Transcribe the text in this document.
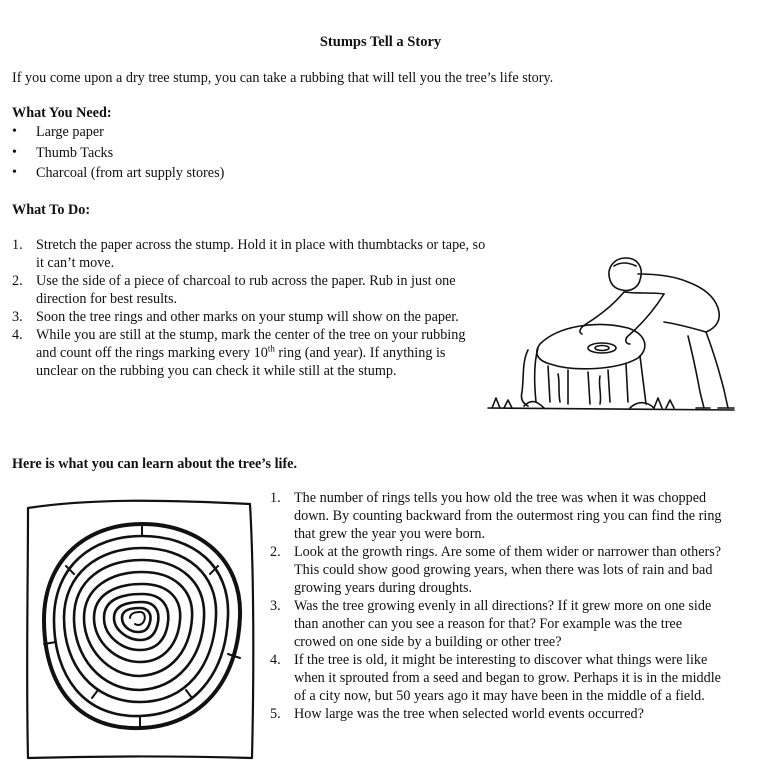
Stumps Tell a Story

If you come upon a dry tree stump, you can take a rubbing that will tell you the tree’s life story.

What You Need:

• Large paper
• Thumb Tacks
• Charcoal (from art supply stores)

What To Do:

1. Stretch the paper across the stump. Hold it in place with thumbtacks or tape, so it can’t move.
2. Use the side of a piece of charcoal to rub across the paper. Rub in just one direction for best results.
3. Soon the tree rings and other marks on your stump will show on the paper.
4. While you are still at the stump, mark the center of the tree on your rubbing and count off the rings marking every 10th ring (and year). If anything is unclear on the rubbing you can check it while still at the stump.

Here is what you can learn about the tree’s life.

1. The number of rings tells you how old the tree was when it was chopped down. By counting backward from the outermost ring you can find the ring that grew the year you were born.
2. Look at the growth rings. Are some of them wider or narrower than others? This could show good growing years, when there was lots of rain and bad growing years during droughts.
3. Was the tree growing evenly in all directions? If it grew more on one side than another can you see a reason for that? For example was the tree crowed on one side by a building or other tree?
4. If the tree is old, it might be interesting to discover what things were like when it sprouted from a seed and began to grow. Perhaps it is in the middle of a city now, but 50 years ago it may have been in the middle of a field.
5. How large was the tree when selected world events occurred?
